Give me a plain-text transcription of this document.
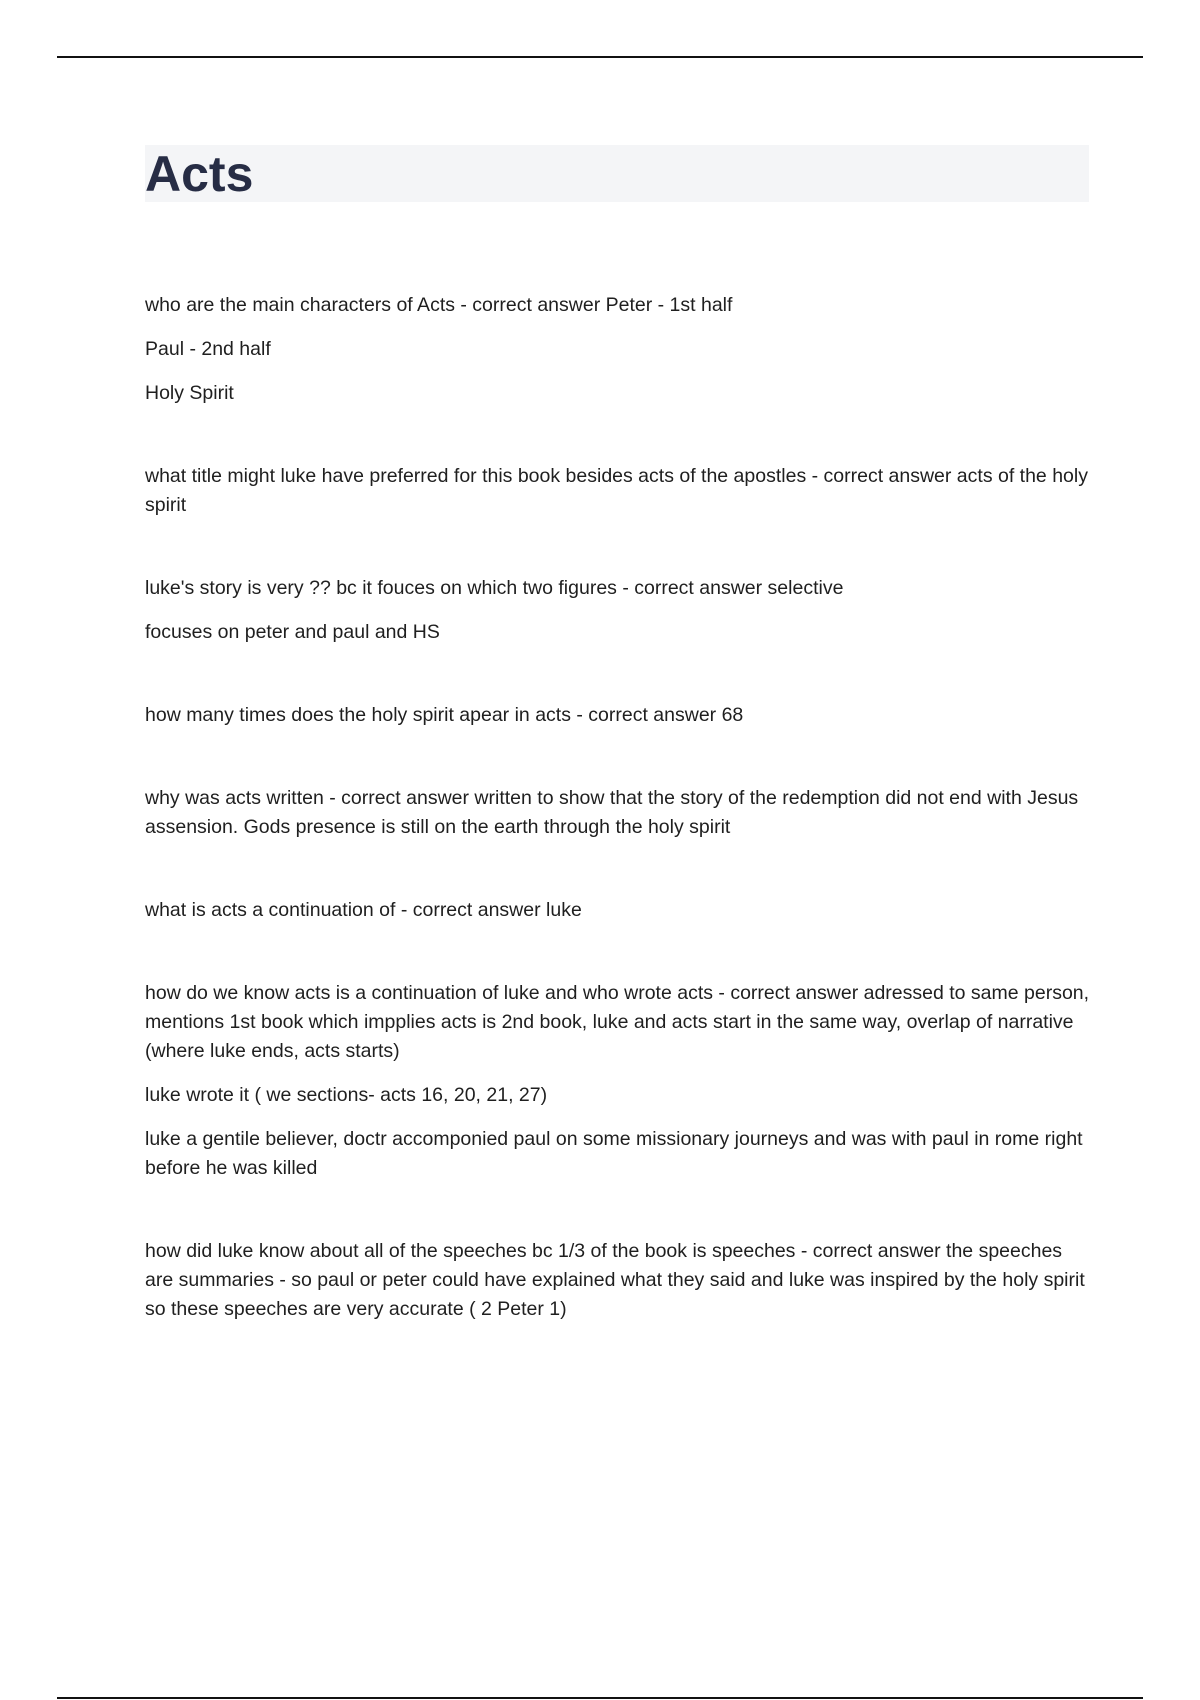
Acts

who are the main characters of Acts - correct answer Peter - 1st half

Paul - 2nd half

Holy Spirit

what title might luke have preferred for this book besides acts of the apostles - correct answer acts of the holy spirit

luke's story is very ?? bc it fouces on which two figures - correct answer selective

focuses on peter and paul and HS

how many times does the holy spirit apear in acts - correct answer 68

why was acts written - correct answer written to show that the story of the redemption did not end with Jesus assension. Gods presence is still on the earth through the holy spirit

what is acts a continuation of - correct answer luke

how do we know acts is a continuation of luke and who wrote acts - correct answer adressed to same person, mentions 1st book which impplies acts is 2nd book, luke and acts start in the same way, overlap of narrative (where luke ends, acts starts)

luke wrote it ( we sections- acts 16, 20, 21, 27)

luke a gentile believer, doctr accomponied paul on some missionary journeys and was with paul in rome right before he was killed

how did luke know about all of the speeches bc 1/3 of the book is speeches - correct answer the speeches are summaries - so paul or peter could have explained what they said and luke was inspired by the holy spirit so these speeches are very accurate ( 2 Peter 1)
